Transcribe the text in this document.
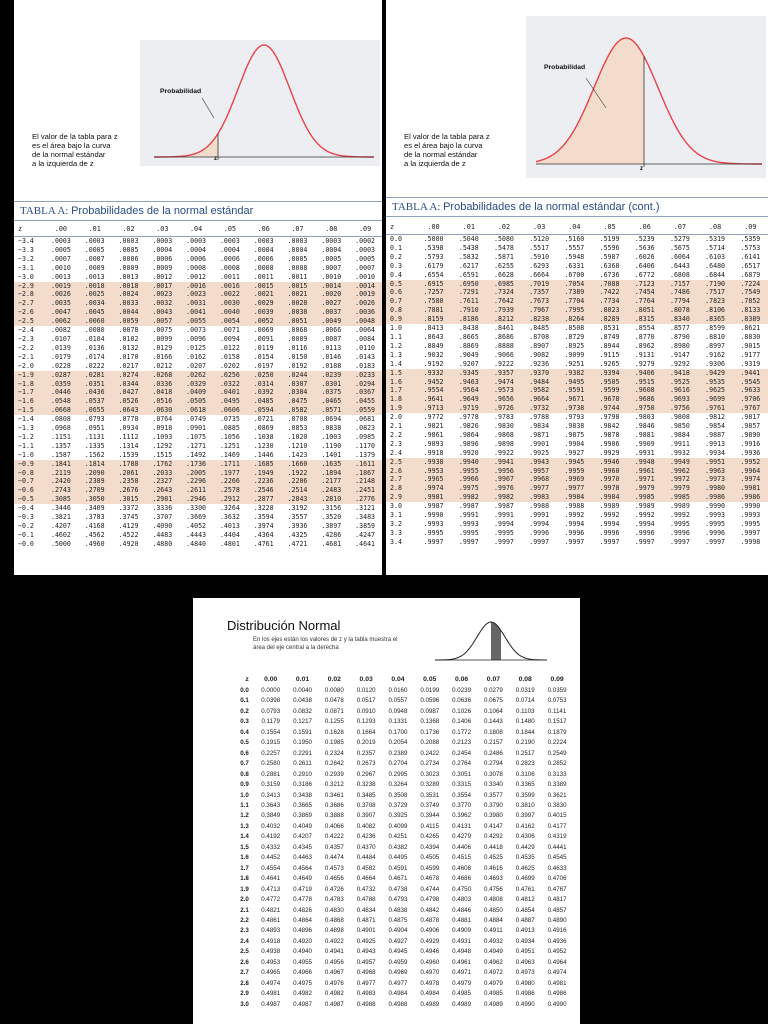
Probabilidad
z
El valor de la tabla para z
es el área bajo la curva
de la normal estándar
a la izquierda de z
TABLA A: Probabilidades de la normal estándar
z	.00	.01	.02	.03	.04	.05	.06	.07	.08	.09
−3.4	.0003	.0003	.0003	.0003	.0003	.0003	.0003	.0003	.0003	.0002
−3.3	.0005	.0005	.0005	.0004	.0004	.0004	.0004	.0004	.0004	.0003
−3.2	.0007	.0007	.0006	.0006	.0006	.0006	.0006	.0005	.0005	.0005
−3.1	.0010	.0009	.0009	.0009	.0008	.0008	.0008	.0008	.0007	.0007
−3.0	.0013	.0013	.0013	.0012	.0012	.0011	.0011	.0011	.0010	.0010
−2.9	.0019	.0018	.0018	.0017	.0016	.0016	.0015	.0015	.0014	.0014
−2.8	.0026	.0025	.0024	.0023	.0023	.0022	.0021	.0021	.0020	.0019
−2.7	.0035	.0034	.0033	.0032	.0031	.0030	.0029	.0028	.0027	.0026
−2.6	.0047	.0045	.0044	.0043	.0041	.0040	.0039	.0038	.0037	.0036
−2.5	.0062	.0060	.0059	.0057	.0055	.0054	.0052	.0051	.0049	.0048
−2.4	.0082	.0080	.0078	.0075	.0073	.0071	.0069	.0068	.0066	.0064
−2.3	.0107	.0104	.0102	.0099	.0096	.0094	.0091	.0089	.0087	.0084
−2.2	.0139	.0136	.0132	.0129	.0125	.0122	.0119	.0116	.0113	.0110
−2.1	.0179	.0174	.0170	.0166	.0162	.0158	.0154	.0150	.0146	.0143
−2.0	.0228	.0222	.0217	.0212	.0207	.0202	.0197	.0192	.0188	.0183
−1.9	.0287	.0281	.0274	.0268	.0262	.0256	.0250	.0244	.0239	.0233
−1.8	.0359	.0351	.0344	.0336	.0329	.0322	.0314	.0307	.0301	.0294
−1.7	.0446	.0436	.0427	.0418	.0409	.0401	.0392	.0384	.0375	.0367
−1.6	.0548	.0537	.0526	.0516	.0505	.0495	.0485	.0475	.0465	.0455
−1.5	.0668	.0655	.0643	.0630	.0618	.0606	.0594	.0582	.0571	.0559
−1.4	.0808	.0793	.0778	.0764	.0749	.0735	.0721	.0708	.0694	.0681
−1.3	.0968	.0951	.0934	.0918	.0901	.0885	.0869	.0853	.0838	.0823
−1.2	.1151	.1131	.1112	.1093	.1075	.1056	.1038	.1020	.1003	.0985
−1.1	.1357	.1335	.1314	.1292	.1271	.1251	.1230	.1210	.1190	.1170
−1.0	.1587	.1562	.1539	.1515	.1492	.1469	.1446	.1423	.1401	.1379
−0.9	.1841	.1814	.1788	.1762	.1736	.1711	.1685	.1660	.1635	.1611
−0.8	.2119	.2090	.2061	.2033	.2005	.1977	.1949	.1922	.1894	.1867
−0.7	.2420	.2389	.2358	.2327	.2296	.2266	.2236	.2206	.2177	.2148
−0.6	.2743	.2709	.2676	.2643	.2611	.2578	.2546	.2514	.2483	.2451
−0.5	.3085	.3050	.3015	.2981	.2946	.2912	.2877	.2843	.2810	.2776
−0.4	.3446	.3409	.3372	.3336	.3300	.3264	.3228	.3192	.3156	.3121
−0.3	.3821	.3783	.3745	.3707	.3669	.3632	.3594	.3557	.3520	.3483
−0.2	.4207	.4168	.4129	.4090	.4052	.4013	.3974	.3936	.3897	.3859
−0.1	.4602	.4562	.4522	.4483	.4443	.4404	.4364	.4325	.4286	.4247
−0.0	.5000	.4960	.4920	.4880	.4840	.4801	.4761	.4721	.4681	.4641
Probabilidad
z
El valor de la tabla para z
es el área bajo la curva
de la normal estándar
a la izquierda de z
TABLA A: Probabilidades de la normal estándar (cont.)
z	.00	.01	.02	.03	.04	.05	.06	.07	.08	.09
0.0	.5000	.5040	.5080	.5120	.5160	.5199	.5239	.5279	.5319	.5359
0.1	.5398	.5438	.5478	.5517	.5557	.5596	.5636	.5675	.5714	.5753
0.2	.5793	.5832	.5871	.5910	.5948	.5987	.6026	.6064	.6103	.6141
0.3	.6179	.6217	.6255	.6293	.6331	.6368	.6406	.6443	.6480	.6517
0.4	.6554	.6591	.6628	.6664	.6700	.6736	.6772	.6808	.6844	.6879
0.5	.6915	.6950	.6985	.7019	.7054	.7088	.7123	.7157	.7190	.7224
0.6	.7257	.7291	.7324	.7357	.7389	.7422	.7454	.7486	.7517	.7549
0.7	.7580	.7611	.7642	.7673	.7704	.7734	.7764	.7794	.7823	.7852
0.8	.7881	.7910	.7939	.7967	.7995	.8023	.8051	.8078	.8106	.8133
0.9	.8159	.8186	.8212	.8238	.8264	.8289	.8315	.8340	.8365	.8389
1.0	.8413	.8438	.8461	.8485	.8508	.8531	.8554	.8577	.8599	.8621
1.1	.8643	.8665	.8686	.8708	.8729	.8749	.8770	.8790	.8810	.8830
1.2	.8849	.8869	.8888	.8907	.8925	.8944	.8962	.8980	.8997	.9015
1.3	.9032	.9049	.9066	.9082	.9099	.9115	.9131	.9147	.9162	.9177
1.4	.9192	.9207	.9222	.9236	.9251	.9265	.9279	.9292	.9306	.9319
1.5	.9332	.9345	.9357	.9370	.9382	.9394	.9406	.9418	.9429	.9441
1.6	.9452	.9463	.9474	.9484	.9495	.9505	.9515	.9525	.9535	.9545
1.7	.9554	.9564	.9573	.9582	.9591	.9599	.9608	.9616	.9625	.9633
1.8	.9641	.9649	.9656	.9664	.9671	.9678	.9686	.9693	.9699	.9706
1.9	.9713	.9719	.9726	.9732	.9738	.9744	.9750	.9756	.9761	.9767
2.0	.9772	.9778	.9783	.9788	.9793	.9798	.9803	.9808	.9812	.9817
2.1	.9821	.9826	.9830	.9834	.9838	.9842	.9846	.9850	.9854	.9857
2.2	.9861	.9864	.9868	.9871	.9875	.9878	.9881	.9884	.9887	.9890
2.3	.9893	.9896	.9898	.9901	.9904	.9906	.9909	.9911	.9913	.9916
2.4	.9918	.9920	.9922	.9925	.9927	.9929	.9931	.9932	.9934	.9936
2.5	.9938	.9940	.9941	.9943	.9945	.9946	.9948	.9949	.9951	.9952
2.6	.9953	.9955	.9956	.9957	.9959	.9960	.9961	.9962	.9963	.9964
2.7	.9965	.9966	.9967	.9968	.9969	.9970	.9971	.9972	.9973	.9974
2.8	.9974	.9975	.9976	.9977	.9977	.9978	.9979	.9979	.9980	.9981
2.9	.9981	.9982	.9982	.9983	.9984	.9984	.9985	.9985	.9986	.9986
3.0	.9987	.9987	.9987	.9988	.9988	.9989	.9989	.9989	.9990	.9990
3.1	.9990	.9991	.9991	.9991	.9992	.9992	.9992	.9992	.9993	.9993
3.2	.9993	.9993	.9994	.9994	.9994	.9994	.9994	.9995	.9995	.9995
3.3	.9995	.9995	.9995	.9996	.9996	.9996	.9996	.9996	.9996	.9997
3.4	.9997	.9997	.9997	.9997	.9997	.9997	.9997	.9997	.9997	.9998
Distribución Normal
En los ejes están los valores de z y la tabla muestra el área del eje central a la derecha
z	0.00	0.01	0.02	0.03	0.04	0.05	0.06	0.07	0.08	0.09
0.0	0.0000	0.0040	0.0080	0.0120	0.0160	0.0199	0.0239	0.0279	0.0319	0.0359
0.1	0.0398	0.0438	0.0478	0.0517	0.0557	0.0596	0.0636	0.0675	0.0714	0.0753
0.2	0.0793	0.0832	0.0871	0.0910	0.0948	0.0987	0.1026	0.1064	0.1103	0.1141
0.3	0.1179	0.1217	0.1255	0.1293	0.1331	0.1368	0.1406	0.1443	0.1480	0.1517
0.4	0.1554	0.1591	0.1628	0.1664	0.1700	0.1736	0.1772	0.1808	0.1844	0.1879
0.5	0.1915	0.1950	0.1985	0.2019	0.2054	0.2088	0.2123	0.2157	0.2190	0.2224
0.6	0.2257	0.2291	0.2324	0.2357	0.2389	0.2422	0.2454	0.2486	0.2517	0.2549
0.7	0.2580	0.2611	0.2642	0.2673	0.2704	0.2734	0.2764	0.2794	0.2823	0.2852
0.8	0.2881	0.2910	0.2939	0.2967	0.2995	0.3023	0.3051	0.3078	0.3106	0.3133
0.9	0.3159	0.3186	0.3212	0.3238	0.3264	0.3289	0.3315	0.3340	0.3365	0.3389
1.0	0.3413	0.3438	0.3461	0.3485	0.3508	0.3531	0.3554	0.3577	0.3599	0.3621
1.1	0.3643	0.3665	0.3686	0.3708	0.3729	0.3749	0.3770	0.3790	0.3810	0.3830
1.2	0.3849	0.3869	0.3888	0.3907	0.3925	0.3944	0.3962	0.3980	0.3997	0.4015
1.3	0.4032	0.4049	0.4066	0.4082	0.4099	0.4115	0.4131	0.4147	0.4162	0.4177
1.4	0.4192	0.4207	0.4222	0.4236	0.4251	0.4265	0.4279	0.4292	0.4306	0.4319
1.5	0.4332	0.4345	0.4357	0.4370	0.4382	0.4394	0.4406	0.4418	0.4429	0.4441
1.6	0.4452	0.4463	0.4474	0.4484	0.4495	0.4505	0.4515	0.4525	0.4535	0.4545
1.7	0.4554	0.4564	0.4573	0.4582	0.4591	0.4599	0.4608	0.4616	0.4625	0.4633
1.8	0.4641	0.4649	0.4656	0.4664	0.4671	0.4678	0.4686	0.4693	0.4699	0.4706
1.9	0.4713	0.4719	0.4726	0.4732	0.4738	0.4744	0.4750	0.4756	0.4761	0.4767
2.0	0.4772	0.4778	0.4783	0.4788	0.4793	0.4798	0.4803	0.4808	0.4812	0.4817
2.1	0.4821	0.4826	0.4830	0.4834	0.4838	0.4842	0.4846	0.4850	0.4854	0.4857
2.2	0.4861	0.4864	0.4868	0.4871	0.4875	0.4878	0.4881	0.4884	0.4887	0.4890
2.3	0.4893	0.4896	0.4898	0.4901	0.4904	0.4906	0.4909	0.4911	0.4913	0.4916
2.4	0.4918	0.4920	0.4922	0.4925	0.4927	0.4929	0.4931	0.4932	0.4934	0.4936
2.5	0.4938	0.4940	0.4941	0.4943	0.4945	0.4946	0.4948	0.4949	0.4951	0.4952
2.6	0.4953	0.4955	0.4956	0.4957	0.4959	0.4960	0.4961	0.4962	0.4963	0.4964
2.7	0.4965	0.4966	0.4967	0.4968	0.4969	0.4970	0.4971	0.4972	0.4973	0.4974
2.8	0.4974	0.4975	0.4976	0.4977	0.4977	0.4978	0.4979	0.4979	0.4980	0.4981
2.9	0.4981	0.4982	0.4982	0.4983	0.4984	0.4984	0.4985	0.4985	0.4986	0.4986
3.0	0.4987	0.4987	0.4987	0.4988	0.4988	0.4989	0.4989	0.4989	0.4990	0.4990
